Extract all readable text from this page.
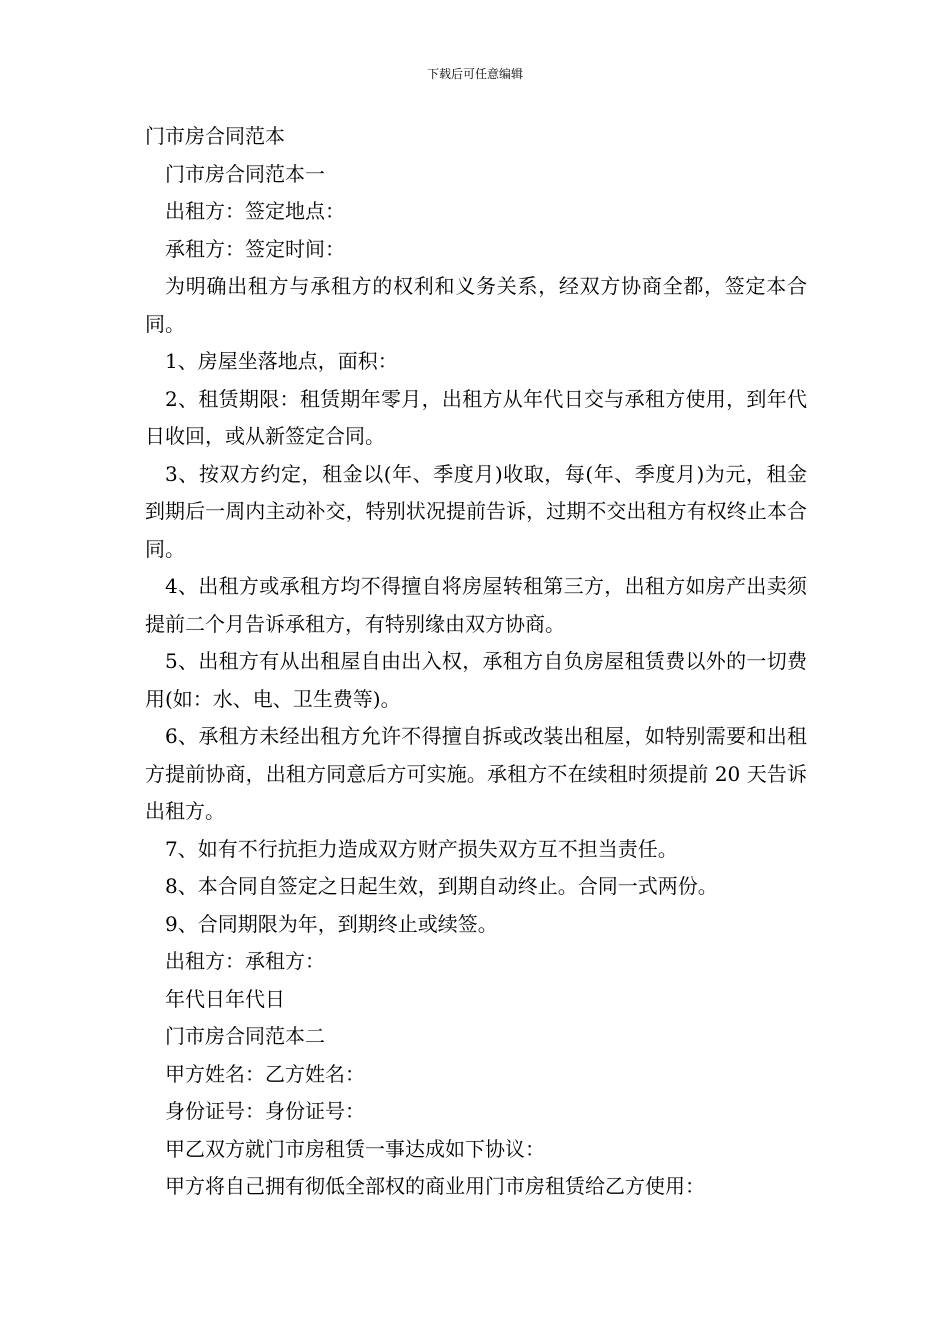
下载后可任意编辑

门市房合同范本

门市房合同范本一

出租方：签定地点：

承租方：签定时间：

为明确出租方与承租方的权利和义务关系，经双方协商全都，签定本合同。

1、房屋坐落地点，面积：

2、租赁期限：租赁期年零月，出租方从年代日交与承租方使用，到年代日收回，或从新签定合同。

3、按双方约定，租金以(年、季度月)收取，每(年、季度月)为元，租金到期后一周内主动补交，特别状况提前告诉，过期不交出租方有权终止本合同。

4、出租方或承租方均不得擅自将房屋转租第三方，出租方如房产出卖须提前二个月告诉承租方，有特别缘由双方协商。

5、出租方有从出租屋自由出入权，承租方自负房屋租赁费以外的一切费用(如：水、电、卫生费等)。

6、承租方未经出租方允许不得擅自拆或改装出租屋，如特别需要和出租方提前协商，出租方同意后方可实施。承租方不在续租时须提前 20 天告诉出租方。

7、如有不行抗拒力造成双方财产损失双方互不担当责任。

8、本合同自签定之日起生效，到期自动终止。合同一式两份。

9、合同期限为年，到期终止或续签。

出租方：承租方：

年代日年代日

门市房合同范本二

甲方姓名：乙方姓名：

身份证号：身份证号：

甲乙双方就门市房租赁一事达成如下协议：

甲方将自己拥有彻低全部权的商业用门市房租赁给乙方使用：
